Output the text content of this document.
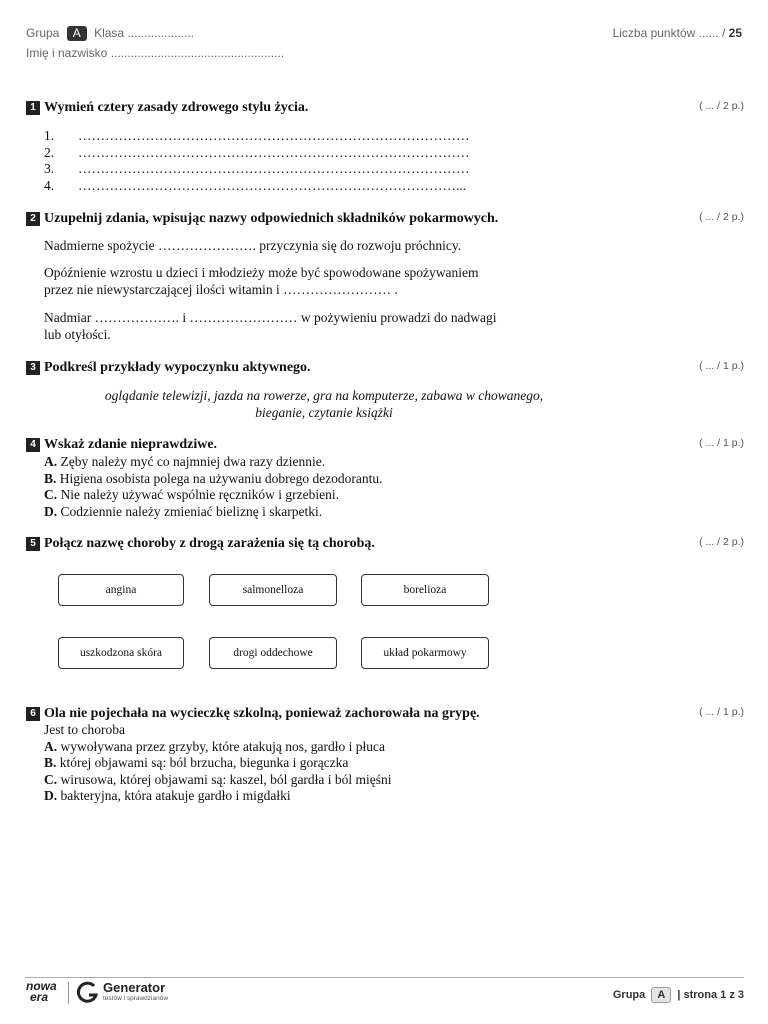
Grupa A Klasa ....................
Imię i nazwisko ....................................................
Liczba punktów ...... / 25
1 Wymień cztery zasady zdrowego stylu życia.	( ... / 2 p.)
1. ……………………………………………………………………………
2. ……………………………………………………………………………
3. ……………………………………………………………………………
4. …………………………………………………………………………...
2 Uzupełnij zdania, wpisując nazwy odpowiednich składników pokarmowych.	( ... / 2 p.)
Nadmierne spożycie …………………. przyczynia się do rozwoju próchnicy.
Opóźnienie wzrostu u dzieci i młodzieży może być spowodowane spożywaniem
przez nie niewystarczającej ilości witamin i …………………… .
Nadmiar ………………. i …………………… w pożywieniu prowadzi do nadwagi
lub otyłości.
3 Podkreśl przykłady wypoczynku aktywnego.	( ... / 1 p.)
oglądanie telewizji, jazda na rowerze, gra na komputerze, zabawa w chowanego,
bieganie, czytanie książki
4 Wskaż zdanie nieprawdziwe.	( ... / 1 p.)
A. Zęby należy myć co najmniej dwa razy dziennie.
B. Higiena osobista polega na używaniu dobrego dezodorantu.
C. Nie należy używać wspólnie ręczników i grzebieni.
D. Codziennie należy zmieniać bieliznę i skarpetki.
5 Połącz nazwę choroby z drogą zarażenia się tą chorobą.	( ... / 2 p.)
angina	salmonelloza	borelioza
uszkodzona skóra	drogi oddechowe	układ pokarmowy
6 Ola nie pojechała na wycieczkę szkolną, ponieważ zachorowała na grypę.	( ... / 1 p.)
Jest to choroba
A. wywoływana przez grzyby, które atakują nos, gardło i płuca
B. której objawami są: ból brzucha, biegunka i gorączka
C. wirusowa, której objawami są: kaszel, ból gardła i ból mięśni
D. bakteryjna, która atakuje gardło i migdałki
nowa
era
Generator
testów i sprawdzianów	Grupa A | strona 1 z 3
